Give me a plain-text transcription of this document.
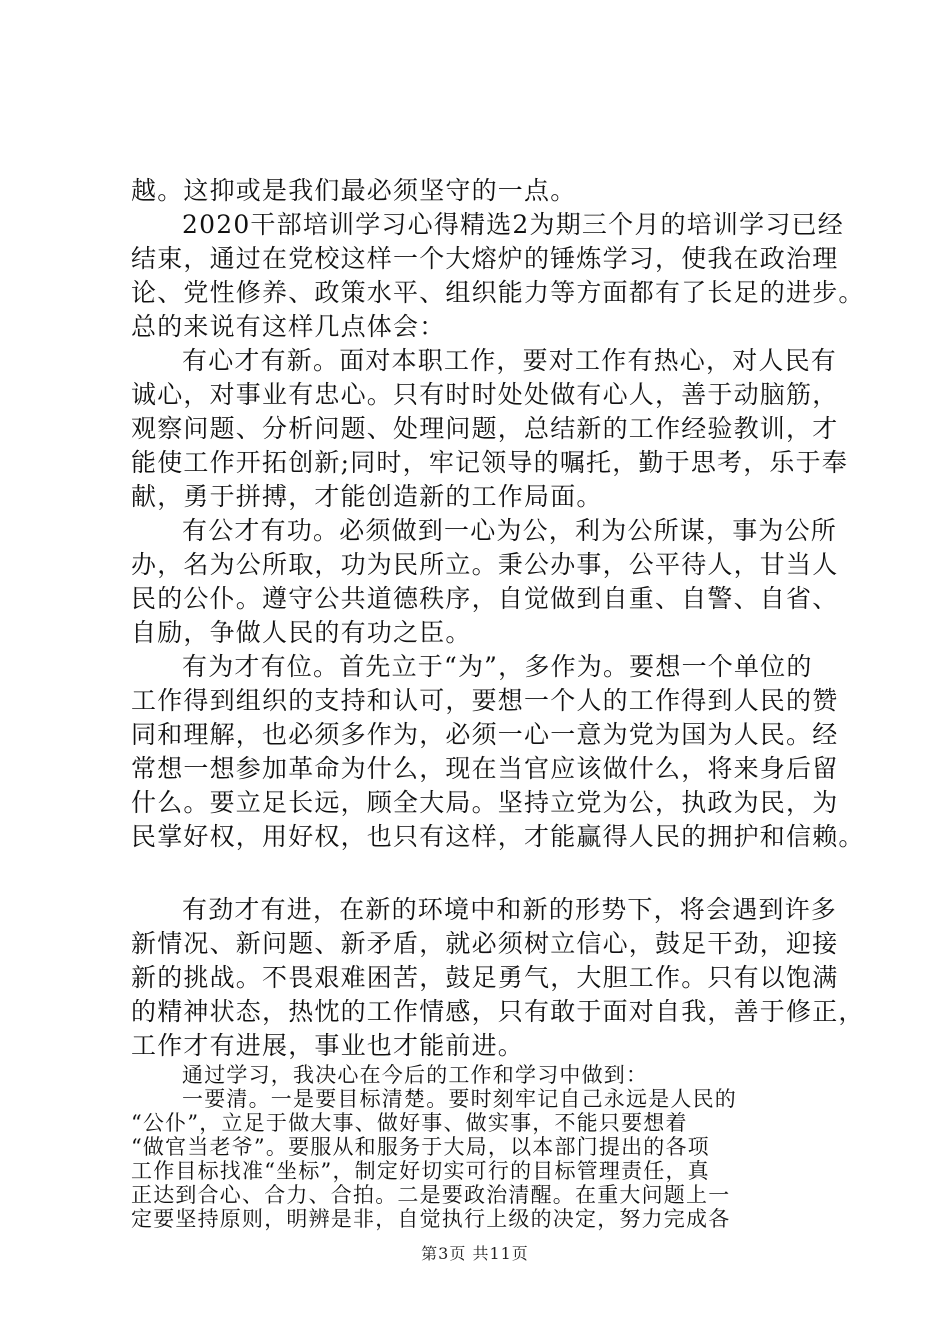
越。这抑或是我们最必须坚守的一点。
2020干部培训学习心得精选2为期三个月的培训学习已经
结束，通过在党校这样一个大熔炉的锤炼学习，使我在政治理
论、党性修养、政策水平、组织能力等方面都有了长足的进步。
总的来说有这样几点体会：
有心才有新。面对本职工作，要对工作有热心，对人民有
诚心，对事业有忠心。只有时时处处做有心人，善于动脑筋，
观察问题、分析问题、处理问题，总结新的工作经验教训，才
能使工作开拓创新;同时，牢记领导的嘱托，勤于思考，乐于奉
献，勇于拼搏，才能创造新的工作局面。
有公才有功。必须做到一心为公，利为公所谋，事为公所
办，名为公所取，功为民所立。秉公办事，公平待人，甘当人
民的公仆。遵守公共道德秩序，自觉做到自重、自警、自省、
自励，争做人民的有功之臣。
有为才有位。首先立于“为”，多作为。要想一个单位的
工作得到组织的支持和认可，要想一个人的工作得到人民的赞
同和理解，也必须多作为，必须一心一意为党为国为人民。经
常想一想参加革命为什么，现在当官应该做什么，将来身后留
什么。要立足长远，顾全大局。坚持立党为公，执政为民，为
民掌好权，用好权，也只有这样，才能赢得人民的拥护和信赖。
有劲才有进，在新的环境中和新的形势下，将会遇到许多
新情况、新问题、新矛盾，就必须树立信心，鼓足干劲，迎接
新的挑战。不畏艰难困苦，鼓足勇气，大胆工作。只有以饱满
的精神状态，热忱的工作情感，只有敢于面对自我，善于修正，
工作才有进展，事业也才能前进。
通过学习，我决心在今后的工作和学习中做到：
一要清。一是要目标清楚。要时刻牢记自己永远是人民的
“公仆”，立足于做大事、做好事、做实事，不能只要想着
“做官当老爷”。要服从和服务于大局，以本部门提出的各项
工作目标找准“坐标”，制定好切实可行的目标管理责任，真
第3页 共11页
正达到合心、合力、合拍。二是要政治清醒。在重大问题上一
定要坚持原则，明辨是非，自觉执行上级的决定，努力完成各
